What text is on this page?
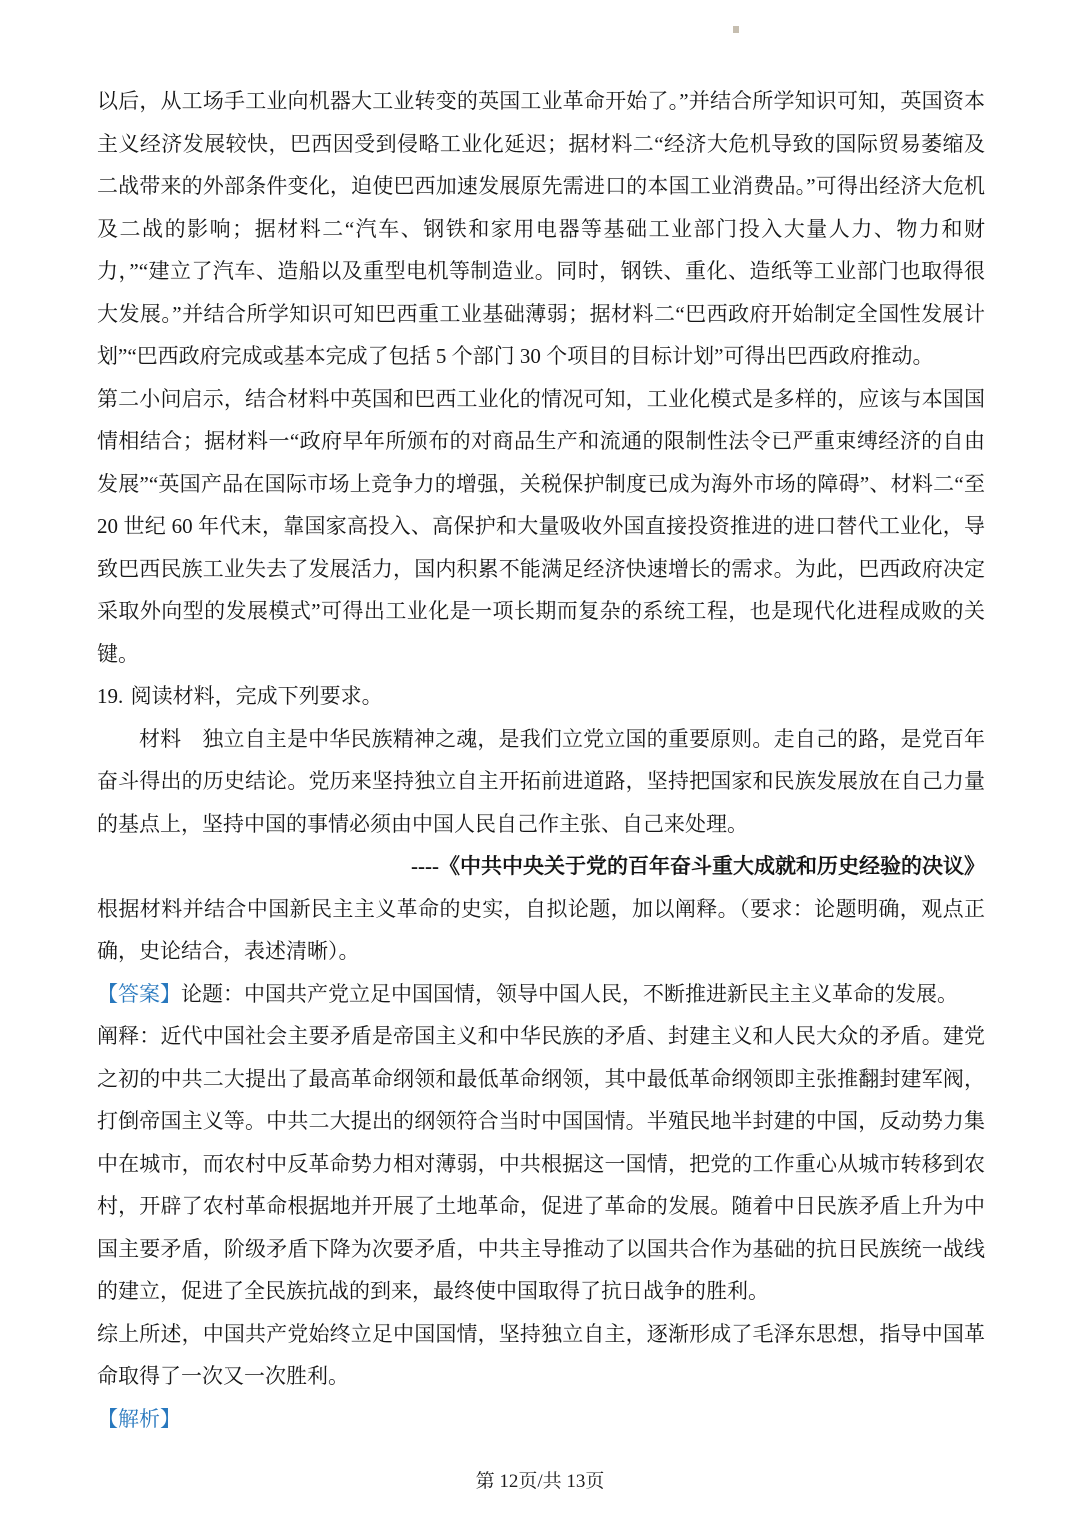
以后，从工场手工业向机器大工业转变的英国工业革命开始了。”并结合所学知识可知，英国资本主义经济发展较快，巴西因受到侵略工业化延迟；据材料二“经济大危机导致的国际贸易萎缩及二战带来的外部条件变化，迫使巴西加速发展原先需进口的本国工业消费品。”可得出经济大危机及二战的影响；据材料二“汽车、钢铁和家用电器等基础工业部门投入大量人力、物力和财力，”“建立了汽车、造船以及重型电机等制造业。同时，钢铁、重化、造纸等工业部门也取得很大发展。”并结合所学知识可知巴西重工业基础薄弱；据材料二“巴西政府开始制定全国性发展计划”“巴西政府完成或基本完成了包括 5 个部门 30 个项目的目标计划”可得出巴西政府推动。

第二小问启示，结合材料中英国和巴西工业化的情况可知，工业化模式是多样的，应该与本国国情相结合；据材料一“政府早年所颁布的对商品生产和流通的限制性法令已严重束缚经济的自由发展”“英国产品在国际市场上竞争力的增强，关税保护制度已成为海外市场的障碍”、材料二“至 20 世纪 60 年代末，靠国家高投入、高保护和大量吸收外国直接投资推进的进口替代工业化，导致巴西民族工业失去了发展活力，国内积累不能满足经济快速增长的需求。为此，巴西政府决定采取外向型的发展模式”可得出工业化是一项长期而复杂的系统工程，也是现代化进程成败的关键。

19. 阅读材料，完成下列要求。

材料 独立自主是中华民族精神之魂，是我们立党立国的重要原则。走自己的路，是党百年奋斗得出的历史结论。党历来坚持独立自主开拓前进道路，坚持把国家和民族发展放在自己力量的基点上，坚持中国的事情必须由中国人民自己作主张、自己来处理。

----《中共中央关于党的百年奋斗重大成就和历史经验的决议》

根据材料并结合中国新民主主义革命的史实，自拟论题，加以阐释。（要求：论题明确，观点正确，史论结合，表述清晰）。

【答案】论题：中国共产党立足中国国情，领导中国人民，不断推进新民主主义革命的发展。

阐释：近代中国社会主要矛盾是帝国主义和中华民族的矛盾、封建主义和人民大众的矛盾。建党之初的中共二大提出了最高革命纲领和最低革命纲领，其中最低革命纲领即主张推翻封建军阀，打倒帝国主义等。中共二大提出的纲领符合当时中国国情。半殖民地半封建的中国，反动势力集中在城市，而农村中反革命势力相对薄弱，中共根据这一国情，把党的工作重心从城市转移到农村，开辟了农村革命根据地并开展了土地革命，促进了革命的发展。随着中日民族矛盾上升为中国主要矛盾，阶级矛盾下降为次要矛盾，中共主导推动了以国共合作为基础的抗日民族统一战线的建立，促进了全民族抗战的到来，最终使中国取得了抗日战争的胜利。

综上所述，中国共产党始终立足中国国情，坚持独立自主，逐渐形成了毛泽东思想，指导中国革命取得了一次又一次胜利。

【解析】

第 12页/共 13页
